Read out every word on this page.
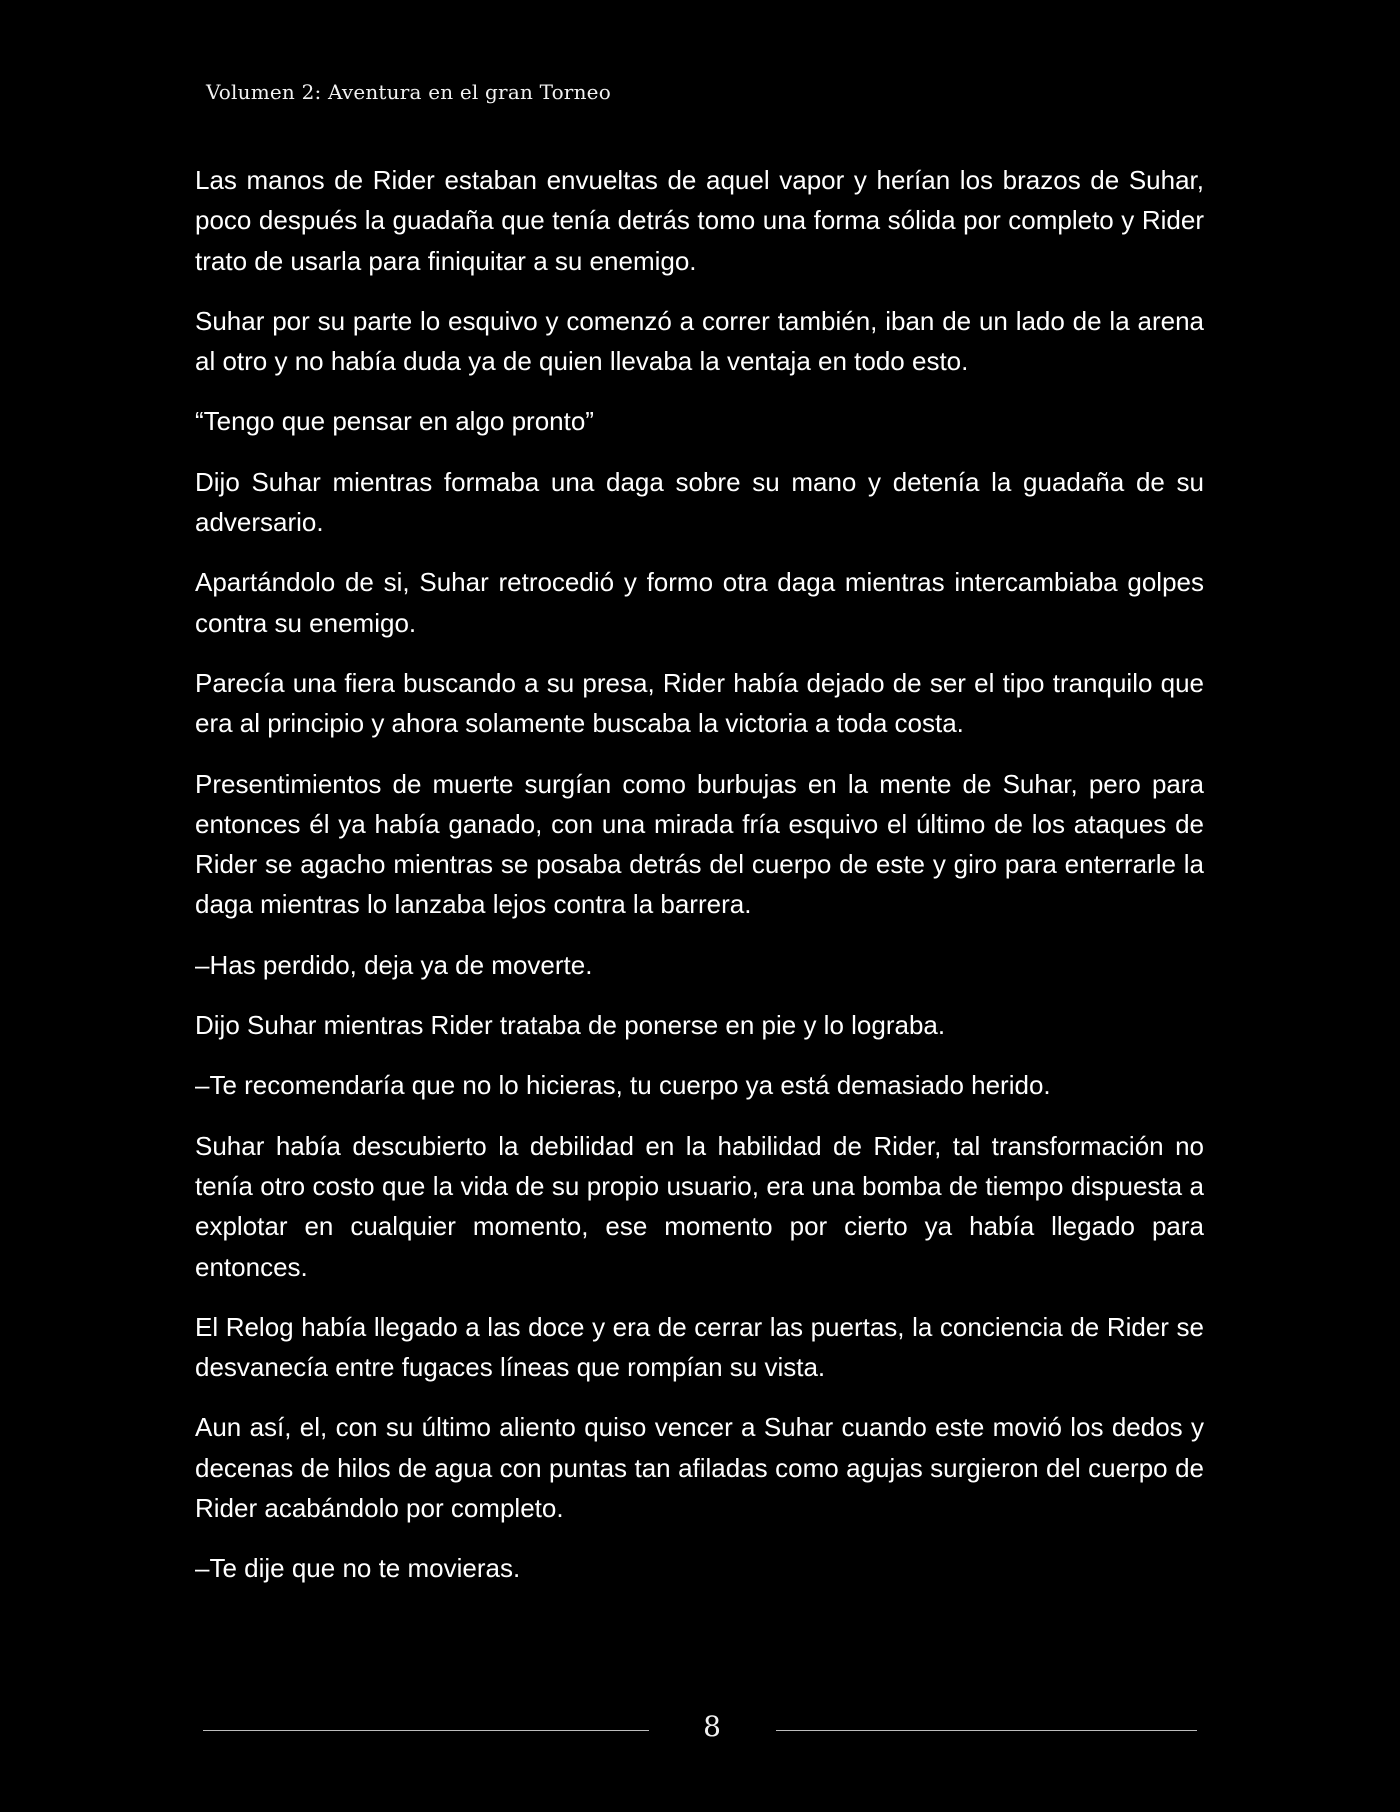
Volumen 2: Aventura en el gran Torneo

Las manos de Rider estaban envueltas de aquel vapor y herían los brazos de Suhar, poco después la guadaña que tenía detrás tomo una forma sólida por completo y Rider trato de usarla para finiquitar a su enemigo.

Suhar por su parte lo esquivo y comenzó a correr también, iban de un lado de la arena al otro y no había duda ya de quien llevaba la ventaja en todo esto.

“Tengo que pensar en algo pronto”

Dijo Suhar mientras formaba una daga sobre su mano y detenía la guadaña de su adversario.

Apartándolo de si, Suhar retrocedió y formo otra daga mientras intercambiaba golpes contra su enemigo.

Parecía una fiera buscando a su presa, Rider había dejado de ser el tipo tranquilo que era al principio y ahora solamente buscaba la victoria a toda costa.

Presentimientos de muerte surgían como burbujas en la mente de Suhar, pero para entonces él ya había ganado, con una mirada fría esquivo el último de los ataques de Rider se agacho mientras se posaba detrás del cuerpo de este y giro para enterrarle la daga mientras lo lanzaba lejos contra la barrera.

–Has perdido, deja ya de moverte.

Dijo Suhar mientras Rider trataba de ponerse en pie y lo lograba.

–Te recomendaría que no lo hicieras, tu cuerpo ya está demasiado herido.

Suhar había descubierto la debilidad en la habilidad de Rider, tal transformación no tenía otro costo que la vida de su propio usuario, era una bomba de tiempo dispuesta a explotar en cualquier momento, ese momento por cierto ya había llegado para entonces.

El Relog había llegado a las doce y era de cerrar las puertas, la conciencia de Rider se desvanecía entre fugaces líneas que rompían su vista.

Aun así, el, con su último aliento quiso vencer a Suhar cuando este movió los dedos y decenas de hilos de agua con puntas tan afiladas como agujas surgieron del cuerpo de Rider acabándolo por completo.

–Te dije que no te movieras.

8
